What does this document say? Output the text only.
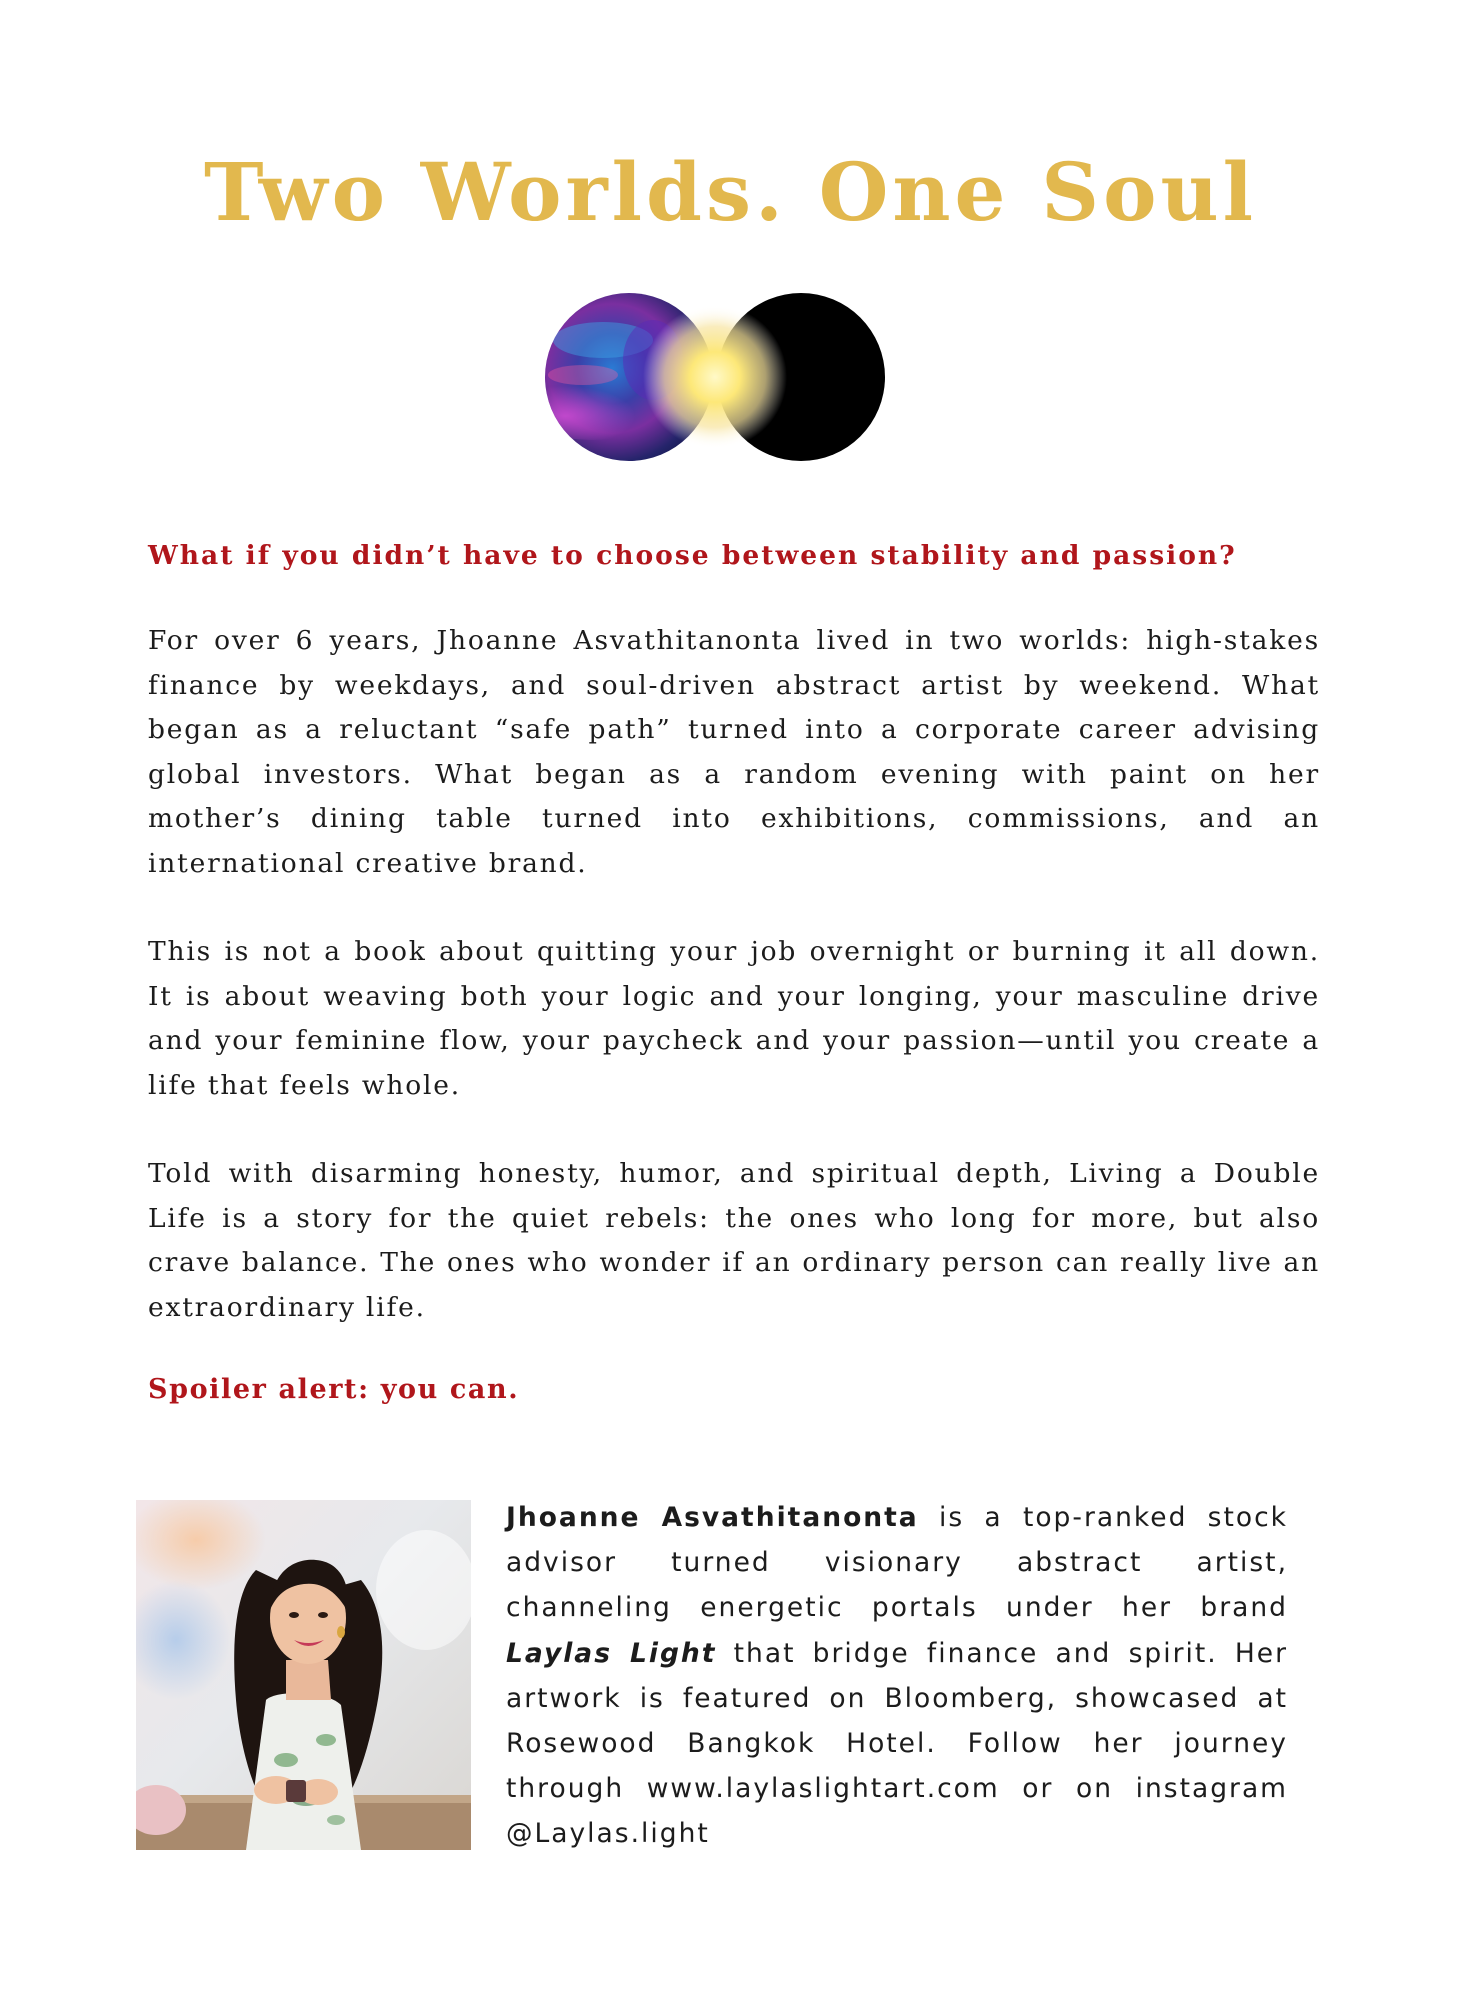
Two Worlds. One Soul

What if you didn’t have to choose between stability and passion?

For over 6 years, Jhoanne Asvathitanonta lived in two worlds: high-stakes finance by weekdays, and soul-driven abstract artist by weekend. What began as a reluctant “safe path” turned into a corporate career advising global investors. What began as a random evening with paint on her mother’s dining table turned into exhibitions, commissions, and an international creative brand.

This is not a book about quitting your job overnight or burning it all down. It is about weaving both your logic and your longing, your masculine drive and your feminine flow, your paycheck and your passion—until you create a life that feels whole.

Told with disarming honesty, humor, and spiritual depth, Living a Double Life is a story for the quiet rebels: the ones who long for more, but also crave balance. The ones who wonder if an ordinary person can really live an extraordinary life.

Spoiler alert: you can.

Jhoanne Asvathitanonta is a top-ranked stock advisor turned visionary abstract artist, channeling energetic portals under her brand Laylas Light that bridge finance and spirit. Her artwork is featured on Bloomberg, showcased at Rosewood Bangkok Hotel. Follow her journey through www.laylaslightart.com or on instagram @Laylas.light
